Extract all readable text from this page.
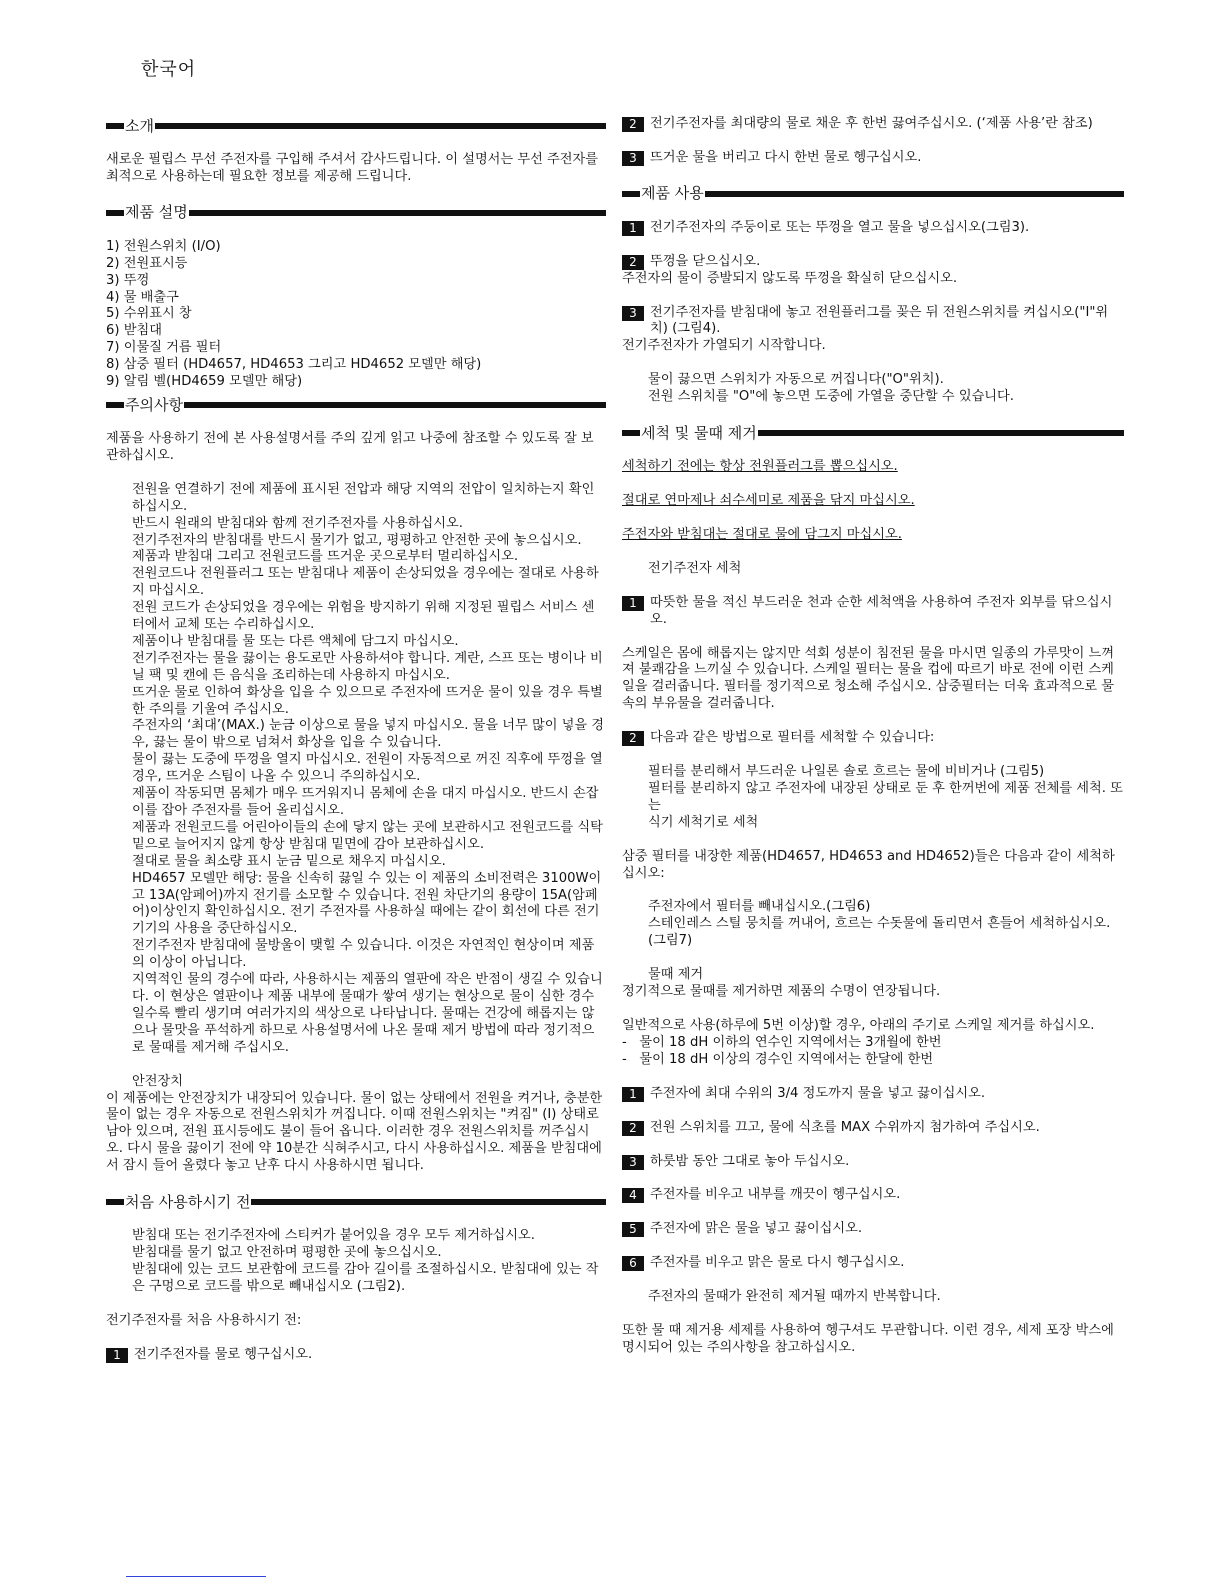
한국어
소개

새로운 필립스 무선 주전자를 구입해 주셔서 감사드립니다. 이 설명서는 무선 주전자를 최적으로 사용하는데 필요한 정보를 제공해 드립니다.

제품 설명

1) 전원스위치 (I/O)

2) 전원표시등

3) 뚜껑

4) 물 배출구

5) 수위표시 창

6) 받침대

7) 이물질 거름 필터

8) 삼중 필터 (HD4657, HD4653 그리고 HD4652 모델만 해당)

9) 알림 벨(HD4659 모델만 해당)

주의사항

제품을 사용하기 전에 본 사용설명서를 주의 깊게 읽고 나중에 참조할 수 있도록 잘 보관하십시오.

전원을 연결하기 전에 제품에 표시된 전압과 해당 지역의 전압이 일치하는지 확인하십시오.

반드시 원래의 받침대와 함께 전기주전자를 사용하십시오.

전기주전자의 받침대를 반드시 물기가 없고, 평평하고 안전한 곳에 놓으십시오.

제품과 받침대 그리고 전원코드를 뜨거운 곳으로부터 멀리하십시오.

전원코드나 전원플러그 또는 받침대나 제품이 손상되었을 경우에는 절대로 사용하지 마십시오.

전원 코드가 손상되었을 경우에는 위험을 방지하기 위해 지정된 필립스 서비스 센터에서 교체 또는 수리하십시오.

제품이나 받침대를 물 또는 다른 액체에 담그지 마십시오.

전기주전자는 물을 끓이는 용도로만 사용하셔야 합니다. 계란, 스프 또는 병이나 비닐 팩 및 캔에 든 음식을 조리하는데 사용하지 마십시오.

뜨거운 물로 인하여 화상을 입을 수 있으므로 주전자에 뜨거운 물이 있을 경우 특별한 주의를 기울여 주십시오.

주전자의 ‘최대’(MAX.) 눈금 이상으로 물을 넣지 마십시오. 물을 너무 많이 넣을 경우, 끓는 물이 밖으로 넘쳐서 화상을 입을 수 있습니다.

물이 끓는 도중에 뚜껑을 열지 마십시오. 전원이 자동적으로 꺼진 직후에 뚜껑을 열 경우, 뜨거운 스팀이 나올 수 있으니 주의하십시오.

제품이 작동되면 몸체가 매우 뜨거워지니 몸체에 손을 대지 마십시오. 반드시 손잡이를 잡아 주전자를 들어 올리십시오.

제품과 전원코드를 어린아이들의 손에 닿지 않는 곳에 보관하시고 전원코드를 식탁 밑으로 늘어지지 않게 항상 받침대 밑면에 감아 보관하십시오.

절대로 물을 최소량 표시 눈금 밑으로 채우지 마십시오.

HD4657 모델만 해당: 물을 신속히 끓일 수 있는 이 제품의 소비전력은 3100W이고 13A(암페어)까지 전기를 소모할 수 있습니다. 전원 차단기의 용량이 15A(암페어)이상인지 확인하십시오. 전기 주전자를 사용하실 때에는 같이 회선에 다른 전기기기의 사용을 중단하십시오.

전기주전자 받침대에 물방울이 맺힐 수 있습니다. 이것은 자연적인 현상이며 제품의 이상이 아닙니다.

지역적인 물의 경수에 따라, 사용하시는 제품의 열판에 작은 반점이 생길 수 있습니다. 이 현상은 열판이나 제품 내부에 물때가 쌓여 생기는 현상으로 물이 심한 경수일수록 빨리 생기며 여러가지의 색상으로 나타납니다. 물때는 건강에 해롭지는 않으나 물맛을 푸석하게 하므로 사용설명서에 나온 물때 제거 방법에 따라 정기적으로 물때를 제거해 주십시오.

안전장치

이 제품에는 안전장치가 내장되어 있습니다. 물이 없는 상태에서 전원을 켜거나, 충분한 물이 없는 경우 자동으로 전원스위치가 꺼집니다. 이때 전원스위치는 "켜짐" (I) 상태로 남아 있으며, 전원 표시등에도 불이 들어 옵니다. 이러한 경우 전원스위치를 꺼주십시오. 다시 물을 끓이기 전에 약 10분간 식혀주시고, 다시 사용하십시오. 제품을 받침대에서 잠시 들어 올렸다 놓고 난후 다시 사용하시면 됩니다.

처음 사용하시기 전

받침대 또는 전기주전자에 스티커가 붙어있을 경우 모두 제거하십시오.

받침대를 물기 없고 안전하며 평평한 곳에 놓으십시오.

받침대에 있는 코드 보관함에 코드를 감아 길이를 조절하십시오. 받침대에 있는 작은 구멍으로 코드를 밖으로 빼내십시오 (그림2).

전기주전자를 처음 사용하시기 전:

1 전기주전자를 물로 헹구십시오.
2 전기주전자를 최대량의 물로 채운 후 한번 끓여주십시오. (‘제품 사용’란 참조)
3 뜨거운 물을 버리고 다시 한번 물로 헹구십시오.
제품 사용
1 전기주전자의 주둥이로 또는 뚜껑을 열고 물을 넣으십시오(그림3).
2 뚜껑을 닫으십시오.

주전자의 물이 증발되지 않도록 뚜껑을 확실히 닫으십시오.

3 전기주전자를 받침대에 놓고 전원플러그를 꽂은 뒤 전원스위치를 켜십시오("I"위치) (그림4).

전기주전자가 가열되기 시작합니다.

물이 끓으면 스위치가 자동으로 꺼집니다("O"위치).

전원 스위치를 "O"에 놓으면 도중에 가열을 중단할 수 있습니다.

세척 및 물때 제거

세척하기 전에는 항상 전원플러그를 뽑으십시오.

절대로 연마제나 쇠수세미로 제품을 닦지 마십시오.

주전자와 받침대는 절대로 물에 담그지 마십시오.

전기주전자 세척

1 따뜻한 물을 적신 부드러운 천과 순한 세척액을 사용하여 주전자 외부를 닦으십시오.

스케일은 몸에 해롭지는 않지만 석회 성분이 침전된 물을 마시면 일종의 가루맛이 느껴져 불쾌감을 느끼실 수 있습니다. 스케일 필터는 물을 컵에 따르기 바로 전에 이런 스케일을 걸러줍니다. 필터를 정기적으로 청소해 주십시오. 삼중필터는 더욱 효과적으로 물속의 부유물을 걸러줍니다.

2 다음과 같은 방법으로 필터를 세척할 수 있습니다:

필터를 분리해서 부드러운 나일론 솔로 흐르는 물에 비비거나 (그림5)

필터를 분리하지 않고 주전자에 내장된 상태로 둔 후 한꺼번에 제품 전체를 세척. 또는

식기 세척기로 세척

삼중 필터를 내장한 제품(HD4657, HD4653 and HD4652)들은 다음과 같이 세척하십시오:

주전자에서 필터를 빼내십시오.(그림6)

스테인레스 스틸 뭉치를 꺼내어, 흐르는 수돗물에 돌리면서 흔들어 세척하십시오.(그림7)

물때 제거

정기적으로 물때를 제거하면 제품의 수명이 연장됩니다.

일반적으로 사용(하루에 5번 이상)할 경우, 아래의 주기로 스케일 제거를 하십시오.

-   물이 18 dH 이하의 연수인 지역에서는 3개월에 한번

-   물이 18 dH 이상의 경수인 지역에서는 한달에 한번

1 주전자에 최대 수위의 3/4 정도까지 물을 넣고 끓이십시오.
2 전원 스위치를 끄고, 물에 식초를 MAX 수위까지 첨가하여 주십시오.
3 하룻밤 동안 그대로 놓아 두십시오.
4 주전자를 비우고 내부를 깨끗이 헹구십시오.
5 주전자에 맑은 물을 넣고 끓이십시오.
6 주전자를 비우고 맑은 물로 다시 헹구십시오.

주전자의 물때가 완전히 제거될 때까지 반복합니다.

또한 물 때 제거용 세제를 사용하여 헹구셔도 무관합니다. 이런 경우, 세제 포장 박스에 명시되어 있는 주의사항을 참고하십시오.
